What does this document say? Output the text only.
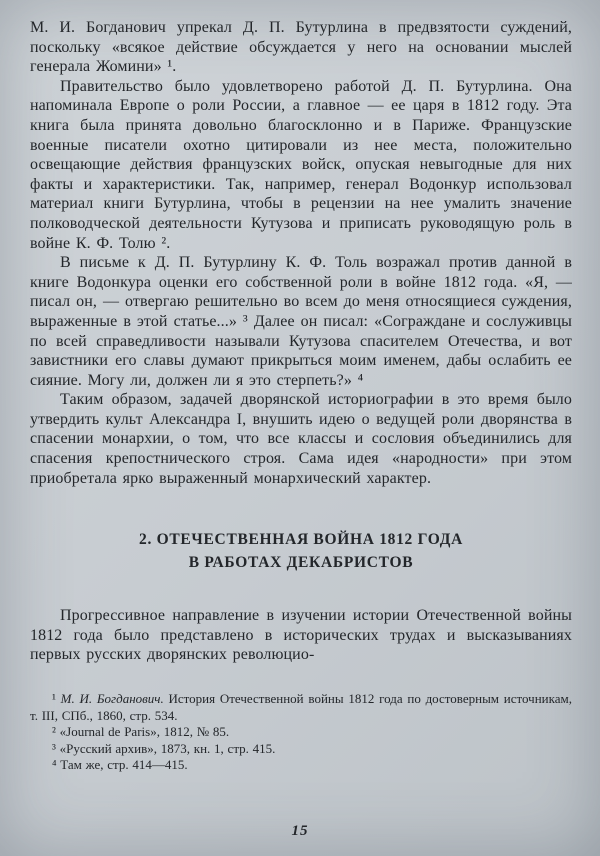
М. И. Богданович упрекал Д. П. Бутурлина в предвзятости суждений, поскольку «всякое действие обсуждается у него на основании мыслей генерала Жомини» ¹.

Правительство было удовлетворено работой Д. П. Бутурлина. Она напоминала Европе о роли России, а главное — ее царя в 1812 году. Эта книга была принята довольно благосклонно и в Париже. Французские военные писатели охотно цитировали из нее места, положительно освещающие действия французских войск, опуская невыгодные для них факты и характеристики. Так, например, генерал Водонкур использовал материал книги Бутурлина, чтобы в рецензии на нее умалить значение полководческой деятельности Кутузова и приписать руководящую роль в войне К. Ф. Толю ².

В письме к Д. П. Бутурлину К. Ф. Толь возражал против данной в книге Водонкура оценки его собственной роли в войне 1812 года. «Я, — писал он, — отвергаю решительно во всем до меня относящиеся суждения, выраженные в этой статье...» ³ Далее он писал: «Сограждане и сослуживцы по всей справедливости называли Кутузова спасителем Отечества, и вот завистники его славы думают прикрыться моим именем, дабы ослабить ее сияние. Могу ли, должен ли я это стерпеть?» ⁴

Таким образом, задачей дворянской историографии в это время было утвердить культ Александра I, внушить идею о ведущей роли дворянства в спасении монархии, о том, что все классы и сословия объединились для спасения крепостнического строя. Сама идея «народности» при этом приобретала ярко выраженный монархический характер.

2. ОТЕЧЕСТВЕННАЯ ВОЙНА 1812 ГОДА
В РАБОТАХ ДЕКАБРИСТОВ

Прогрессивное направление в изучении истории Отечественной войны 1812 года было представлено в исторических трудах и высказываниях первых русских дворянских революцио-

¹ М. И. Богданович. История Отечественной войны 1812 года по достоверным источникам, т. III, СПб., 1860, стр. 534.

² «Journal de Paris», 1812, № 85.

³ «Русский архив», 1873, кн. 1, стр. 415.

⁴ Там же, стр. 414—415.

15
